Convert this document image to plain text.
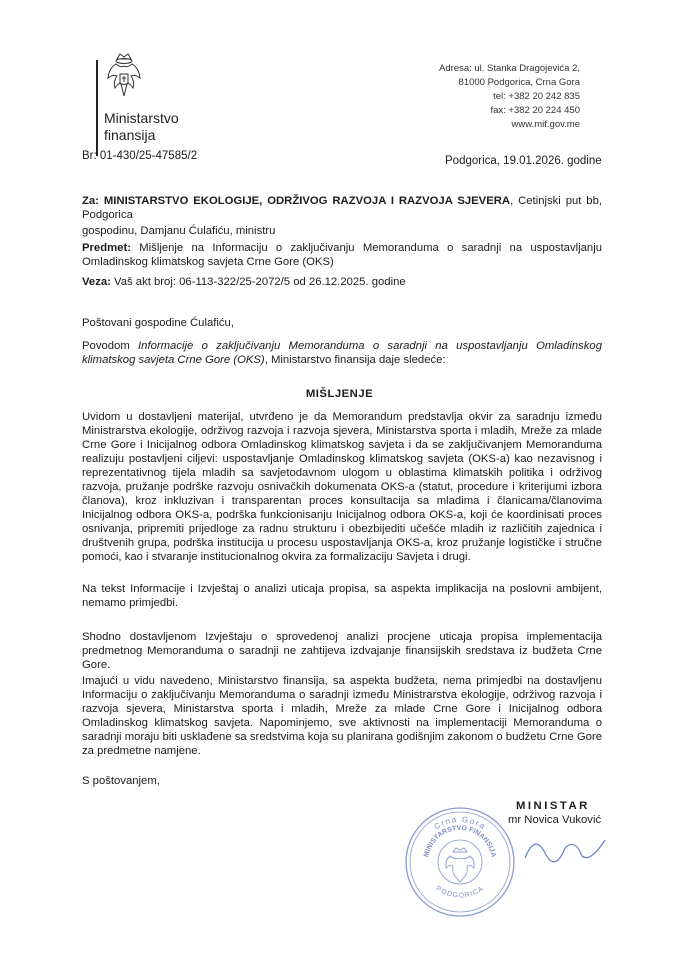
Ministarstvo
finansija
Br: 01-430/25-47585/2
Adresa: ul. Stanka Dragojevića 2,
81000 Podgorica, Crna Gora
tel: +382 20 242 835
fax: +382 20 224 450
www.mif.gov.me
Podgorica, 19.01.2026. godine
Za: MINISTARSTVO EKOLOGIJE, ODRŽIVOG RAZVOJA I RAZVOJA SJEVERA, Cetinjski put bb, Podgorica
gospodinu, Damjanu Ćulafiću, ministru
Predmet: Mišljenje na Informaciju o zaključivanju Memoranduma o saradnji na uspostavljanju Omladinskog klimatskog savjeta Crne Gore (OKS)
Veza: Vaš akt broj: 06-113-322/25-2072/5 od 26.12.2025. godine
Poštovani gospodine Ćulafiću,
Povodom Informacije o zaključivanju Memoranduma o saradnji na uspostavljanju Omladinskog klimatskog savjeta Crne Gore (OKS), Ministarstvo finansija daje sledeće:
MIŠLJENJE
Uvidom u dostavljeni materijal, utvrđeno je da Memorandum predstavlja okvir za saradnju između Ministrarstva ekologije, održivog razvoja i razvoja sjevera, Ministarstva sporta i mladih, Mreže za mlade Crne Gore i Inicijalnog odbora Omladinskog klimatskog savjeta i da se zaključivanjem Memoranduma realizuju postavljeni ciljevi: uspostavljanje Omladinskog klimatskog savjeta (OKS-a) kao nezavisnog i reprezentativnog tijela mladih sa savjetodavnom ulogom u oblastima klimatskih politika i održivog razvoja, pružanje podrške razvoju osnivačkih dokumenata OKS-a (statut, procedure i kriterijumi izbora članova), kroz inkluzivan i transparentan proces konsultacija sa mladima i članicama/članovima Inicijalnog odbora OKS-a, podrška funkcionisanju Inicijalnog odbora OKS-a, koji će koordinisati proces osnivanja, pripremiti prijedloge za radnu strukturu i obezbijediti učešće mladih iz različitih zajednica i društvenih grupa, podrška institucija u procesu uspostavljanja OKS-a, kroz pružanje logističke i stručne pomoći, kao i stvaranje institucionalnog okvira za formalizaciju Savjeta i drugi.
Na tekst Informacije i Izvještaj o analizi uticaja propisa, sa aspekta implikacija na poslovni ambijent, nemamo primjedbi.
Shodno dostavljenom Izvještaju o sprovedenoj analizi procjene uticaja propisa implementacija predmetnog Memoranduma o saradnji ne zahtijeva izdvajanje finansijskih sredstava iz budžeta Crne Gore.
Imajući u vidu navedeno, Ministarstvo finansija, sa aspekta budžeta, nema primjedbi na dostavljenu Informaciju o zaključivanju Memoranduma o saradnji između Ministrarstva ekologije, održivog razvoja i razvoja sjevera, Ministarstva sporta i mladih, Mreže za mlade Crne Gore i Inicijalnog odbora Omladinskog klimatskog savjeta. Napominjemo, sve aktivnosti na implementaciji Memoranduma o saradnji moraju biti usklađene sa sredstvima koja su planirana godišnjim zakonom o budžetu Crne Gore za predmetne namjene.
S poštovanjem,
Crna Gora
MINISTARSTVO FINANSIJA
PODGORICA
MINISTAR
mr Novica Vuković
